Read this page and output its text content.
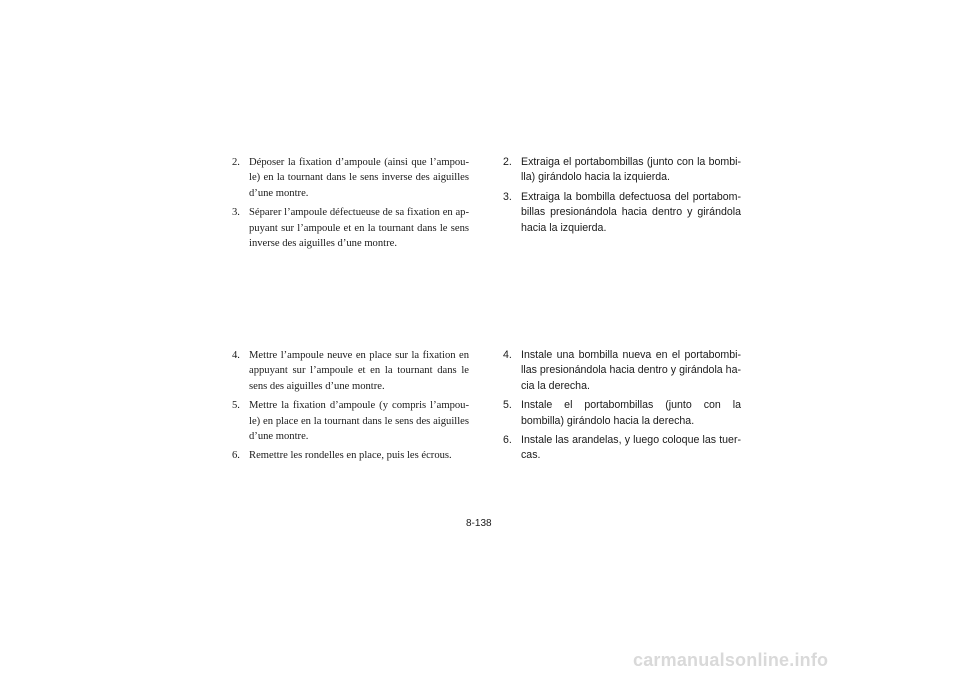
2. Déposer la fixation d’ampoule (ainsi que l’ampou-le) en la tournant dans le sens inverse des aiguilles d’une montre.
3. Séparer l’ampoule défectueuse de sa fixation en ap-puyant sur l’ampoule et en la tournant dans le sens inverse des aiguilles d’une montre.
2. Extraiga el portabombillas (junto con la bombi-lla) girándolo hacia la izquierda.
3. Extraiga la bombilla defectuosa del portabom-billas presionándola hacia dentro y girándola hacia la izquierda.
4. Mettre l’ampoule neuve en place sur la fixation en appuyant sur l’ampoule et en la tournant dans le sens des aiguilles d’une montre.
5. Mettre la fixation d’ampoule (y compris l’ampou-le) en place en la tournant dans le sens des aiguilles d’une montre.
6. Remettre les rondelles en place, puis les écrous.
4. Instale una bombilla nueva en el portabombi-llas presionándola hacia dentro y girándola ha-cia la derecha.
5. Instale el portabombillas (junto con la bombilla) girándolo hacia la derecha.
6. Instale las arandelas, y luego coloque las tuer-cas.
8-138
carmanualsonline.info
